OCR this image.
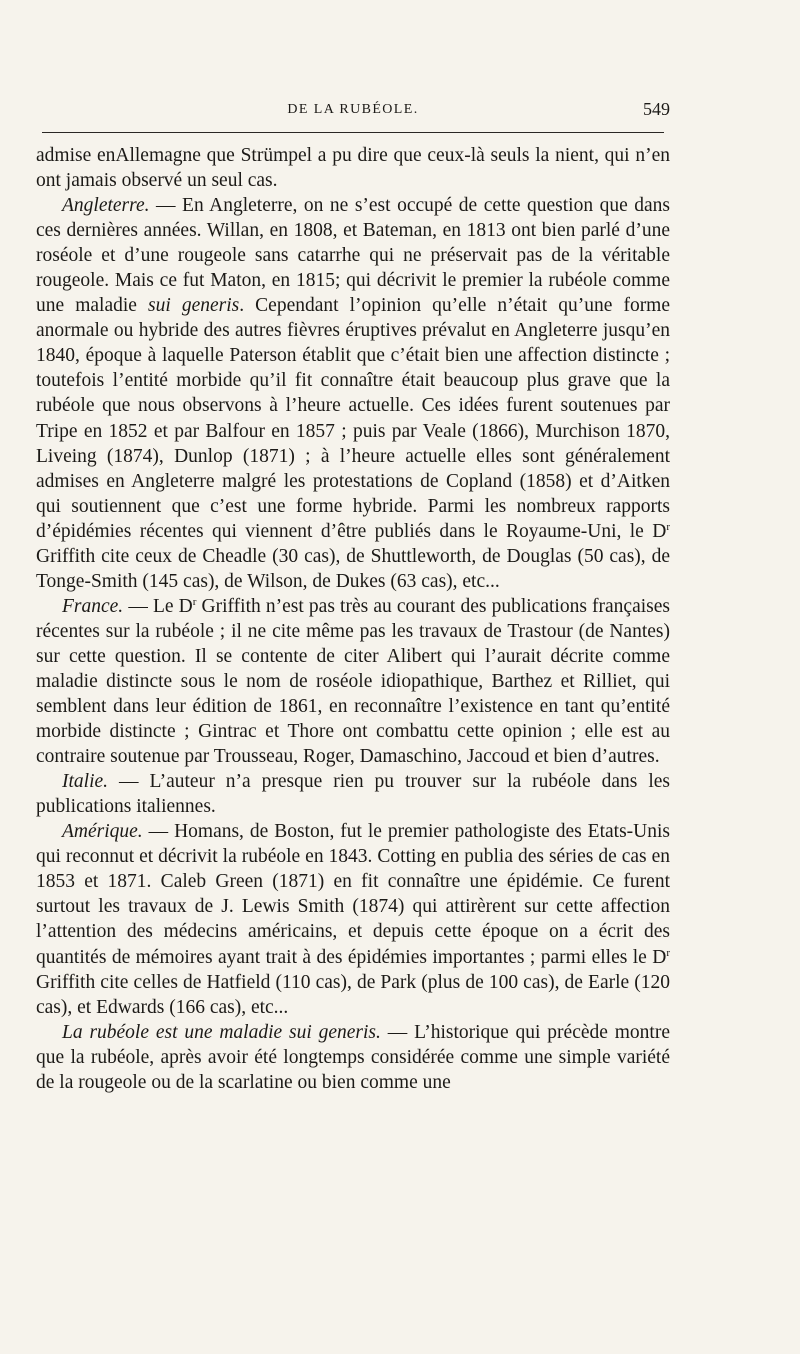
DE LA RUBÉOLE.	549

admise enAllemagne que Strümpel a pu dire que ceux-là seuls la nient, qui n’en ont jamais observé un seul cas.

Angleterre. — En Angleterre, on ne s’est occupé de cette question que dans ces dernières années. Willan, en 1808, et Bateman, en 1813 ont bien parlé d’une roséole et d’une rougeole sans catarrhe qui ne préservait pas de la véritable rougeole. Mais ce fut Maton, en 1815; qui décrivit le premier la rubéole comme une maladie sui generis. Cependant l’opinion qu’elle n’était qu’une forme anormale ou hybride des autres fièvres éruptives prévalut en Angleterre jusqu’en 1840, époque à laquelle Paterson établit que c’était bien une affection distincte ; toutefois l’entité morbide qu’il fit connaître était beaucoup plus grave que la rubéole que nous observons à l’heure actuelle. Ces idées furent soutenues par Tripe en 1852 et par Balfour en 1857 ; puis par Veale (1866), Murchison 1870, Liveing (1874), Dunlop (1871) ; à l’heure actuelle elles sont généralement admises en Angleterre malgré les protestations de Copland (1858) et d’Aitken qui soutiennent que c’est une forme hybride. Parmi les nombreux rapports d’épidémies récentes qui viennent d’être publiés dans le Royaume-Uni, le $D^r$ Griffith cite ceux de Cheadle (30 cas), de Shuttleworth, de Douglas (50 cas), de Tonge-Smith (145 cas), de Wilson, de Dukes (63 cas), etc...

France. — Le $D^r$ Griffith n’est pas très au courant des publications françaises récentes sur la rubéole ; il ne cite même pas les travaux de Trastour (de Nantes) sur cette question. Il se contente de citer Alibert qui l’aurait décrite comme maladie distincte sous le nom de roséole idiopathique, Barthez et Rilliet, qui semblent dans leur édition de 1861, en reconnaître l’existence en tant qu’entité morbide distincte ; Gintrac et Thore ont combattu cette opinion ; elle est au contraire soutenue par Trousseau, Roger, Damaschino, Jaccoud et bien d’autres.

Italie. — L’auteur n’a presque rien pu trouver sur la rubéole dans les publications italiennes.

Amérique. — Homans, de Boston, fut le premier pathologiste des Etats-Unis qui reconnut et décrivit la rubéole en 1843. Cotting en publia des séries de cas en 1853 et 1871. Caleb Green (1871) en fit connaître une épidémie. Ce furent surtout les travaux de J. Lewis Smith (1874) qui attirèrent sur cette affection l’attention des médecins américains, et depuis cette époque on a écrit des quantités de mémoires ayant trait à des épidémies importantes ; parmi elles le $D^r$ Griffith cite celles de Hatfield (110 cas), de Park (plus de 100 cas), de Earle (120 cas), et Edwards (166 cas), etc...

La rubéole est une maladie sui generis. — L’historique qui précède montre que la rubéole, après avoir été longtemps considérée comme une simple variété de la rougeole ou de la scarlatine ou bien comme une
